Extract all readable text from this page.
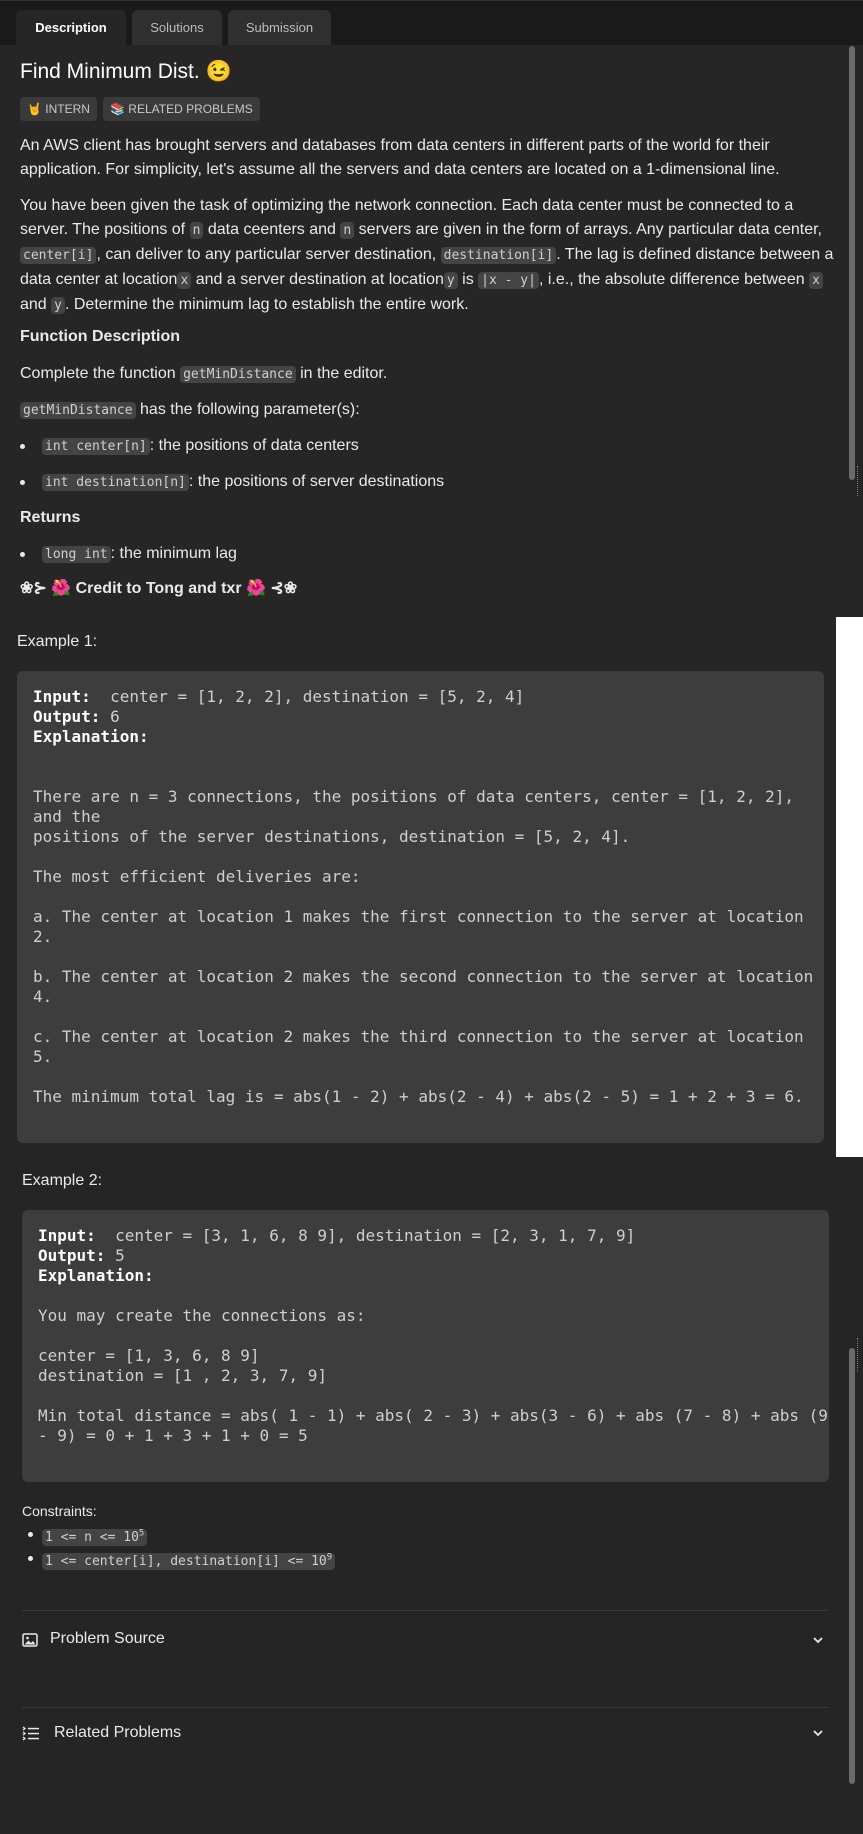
Description	Solutions	Submission
Find Minimum Dist. 😉
🤘 INTERN	📚 RELATED PROBLEMS
An AWS client has brought servers and databases from data centers in different parts of the world for their application. For simplicity, let's assume all the servers and data centers are located on a 1-dimensional line.
You have been given the task of optimizing the network connection. Each data center must be connected to a server. The positions of n data ceenters and n servers are given in the form of arrays. Any particular data center, center[i] , can deliver to any particular server destination, destination[i] . The lag is defined distance between a data center at location x and a server destination at location y is |x - y| , i.e., the absolute difference between x and y . Determine the minimum lag to establish the entire work.
Function Description
Complete the function getMinDistance in the editor.
getMinDistance has the following parameter(s):
int center[n] : the positions of data centers
int destination[n] : the positions of server destinations
Returns
long int : the minimum lag
❀⊱ 🌺 Credit to Tong and txr 🌺 ⊰❀
Example 1:
Input: center = [1, 2, 2], destination = [5, 2, 4]
Output: 6
Explanation:
There are n = 3 connections, the positions of data centers, center = [1, 2, 2],
and the
positions of the server destinations, destination = [5, 2, 4].

The most efficient deliveries are:

a. The center at location 1 makes the first connection to the server at location
2.

b. The center at location 2 makes the second connection to the server at location
4.

c. The center at location 2 makes the third connection to the server at location
5.

The minimum total lag is = abs(1 - 2) + abs(2 - 4) + abs(2 - 5) = 1 + 2 + 3 = 6.
Example 2:
Input: center = [3, 1, 6, 8 9], destination = [2, 3, 1, 7, 9]
Output: 5
Explanation:

You may create the connections as:

center = [1, 3, 6, 8 9]
destination = [1 , 2, 3, 7, 9]

Min total distance = abs( 1 - 1) + abs( 2 - 3) + abs(3 - 6) + abs (7 - 8) + abs (9
- 9) = 0 + 1 + 3 + 1 + 0 = 5
Constraints:
$1 <= n <= 10^5$
1 <= center[i], destination[i] <= $10^9$
Problem Source
Related Problems
